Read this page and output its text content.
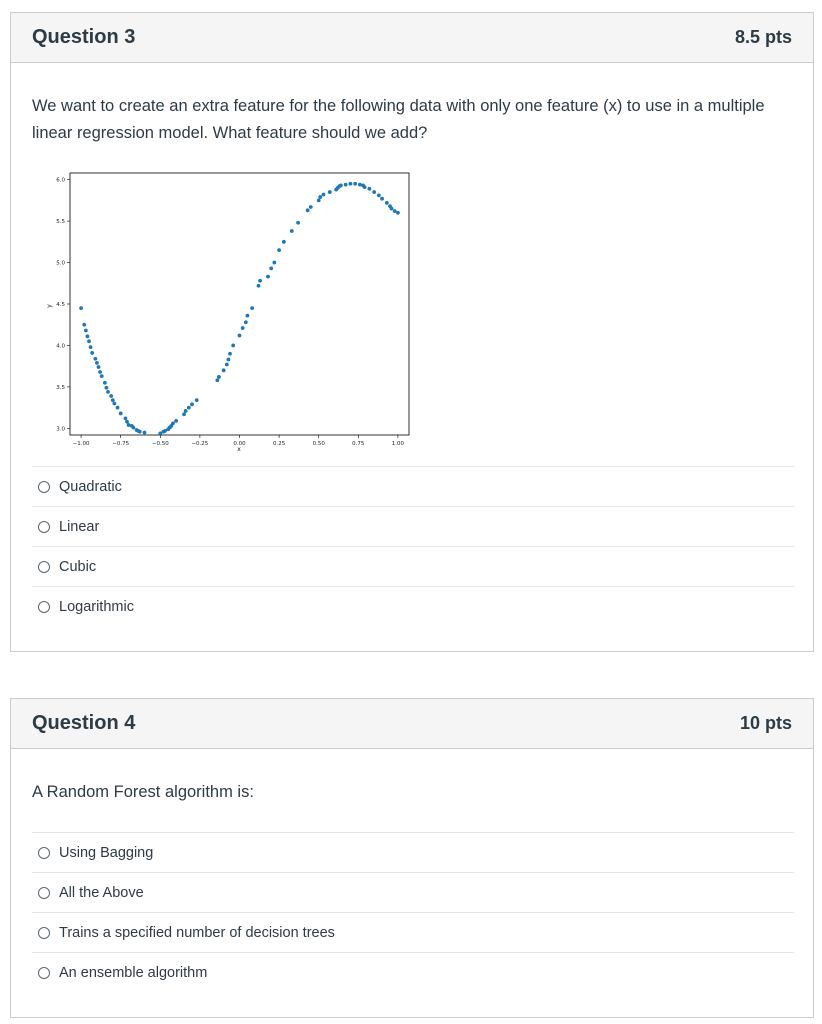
Question 3	8.5 pts
We want to create an extra feature for the following data with only one feature (x) to use in a multiple linear regression model. What feature should we add?
3.0
3.5
4.0
4.5
5.0
5.5
6.0
−1.00	−0.75	−0.50	−0.25	0.00	0.25	0.50	0.75	1.00
x
y
Quadratic
Linear
Cubic
Logarithmic
Question 4	10 pts
A Random Forest algorithm is:
Using Bagging
All the Above
Trains a specified number of decision trees
An ensemble algorithm
